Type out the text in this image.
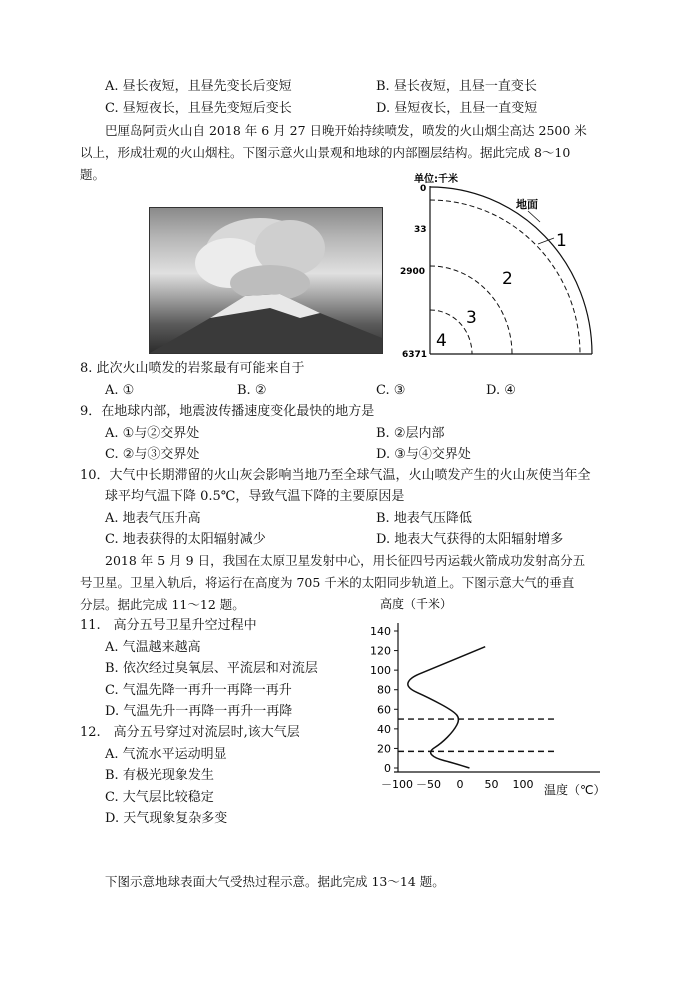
A. 昼长夜短，且昼先变长后变短	B. 昼长夜短，且昼一直变长
C. 昼短夜长，且昼先变短后变长	D. 昼短夜长，且昼一直变短
巴厘岛阿贡火山自 2018 年 6 月 27 日晚开始持续喷发，喷发的火山烟尘高达 2500 米
以上，形成壮观的火山烟柱。下图示意火山景观和地球的内部圈层结构。据此完成 8～10
题。	单位:千米
0
33
2900
6371
地面
1
2
3
4
8. 此次火山喷发的岩浆最有可能来自于
A. ①	B. ②	C. ③	D. ④
9．在地球内部，地震波传播速度变化最快的地方是
A. ①与②交界处	B. ②层内部
C. ②与③交界处	D. ③与④交界处
10．大气中长期滞留的火山灰会影响当地乃至全球气温，火山喷发产生的火山灰使当年全
球平均气温下降 0.5℃，导致气温下降的主要原因是
A. 地表气压升高	B. 地表气压降低
C. 地表获得的太阳辐射减少	D. 地表大气获得的太阳辐射增多
2018 年 5 月 9 日，我国在太原卫星发射中心，用长征四号丙运载火箭成功发射高分五
号卫星。卫星入轨后，将运行在高度为 705 千米的太阳同步轨道上。下图示意大气的垂直
分层。据此完成 11～12 题。
11.　高分五号卫星升空过程中
A. 气温越来越高
B. 依次经过臭氧层、平流层和对流层
C. 气温先降一再升一再降一再升
D. 气温先升一再降一再升一再降
12.　高分五号穿过对流层时,该大气层
A. 气流水平运动明显
B. 有极光现象发生
C. 大气层比较稳定
D. 天气现象复杂多变
高度（千米）
温度（℃）
140
120
100
80
60
40
20
0
－100 －50 0 50 100
下图示意地球表面大气受热过程示意。据此完成 13～14 题。
